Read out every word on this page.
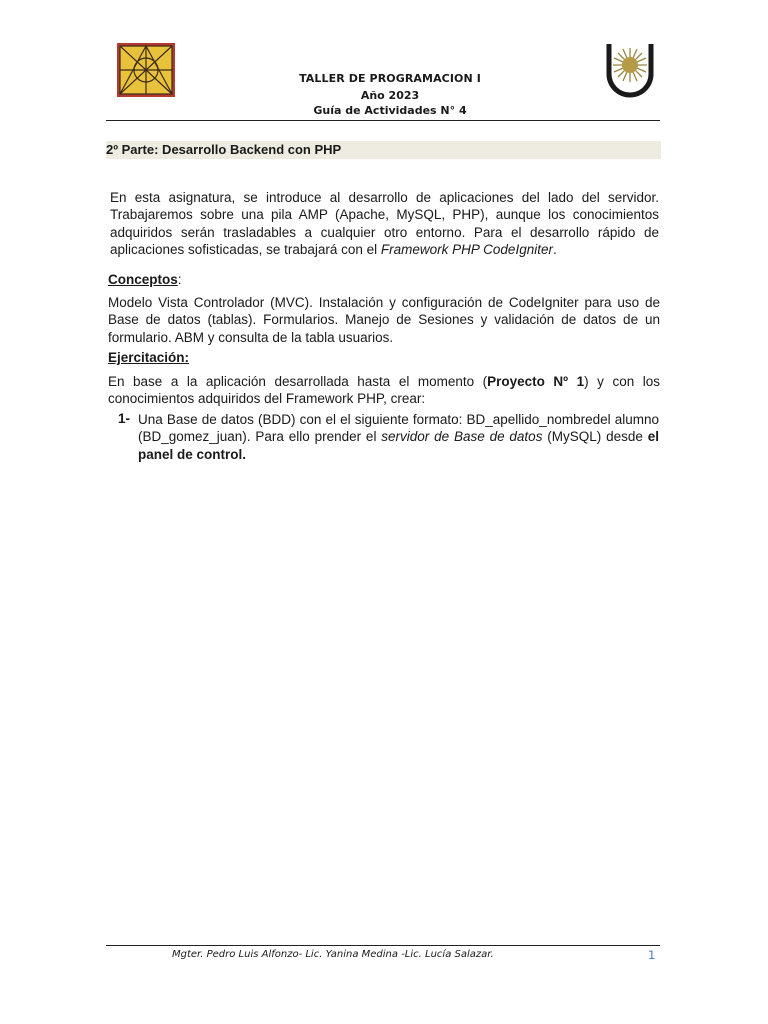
TALLER DE PROGRAMACION I
Año 2023
Guía de Actividades N° 4
2º Parte: Desarrollo Backend con PHP
En esta asignatura, se introduce al desarrollo de aplicaciones del lado del servidor. Trabajaremos sobre una pila AMP (Apache, MySQL, PHP), aunque los conocimientos adquiridos serán trasladables a cualquier otro entorno. Para el desarrollo rápido de aplicaciones sofisticadas, se trabajará con el Framework PHP CodeIgniter.
Conceptos:
Modelo Vista Controlador (MVC). Instalación y configuración de CodeIgniter para uso de Base de datos (tablas). Formularios. Manejo de Sesiones y validación de datos de un formulario. ABM y consulta de la tabla usuarios.
Ejercitación:
En base a la aplicación desarrollada hasta el momento (Proyecto Nº 1) y con los conocimientos adquiridos del Framework PHP, crear:
1- Una Base de datos (BDD) con el el siguiente formato: BD_apellido_nombredel alumno (BD_gomez_juan). Para ello prender el servidor de Base de datos (MySQL) desde el panel de control.
Mgter. Pedro Luis Alfonzo- Lic. Yanina Medina -Lic. Lucía Salazar.	1
